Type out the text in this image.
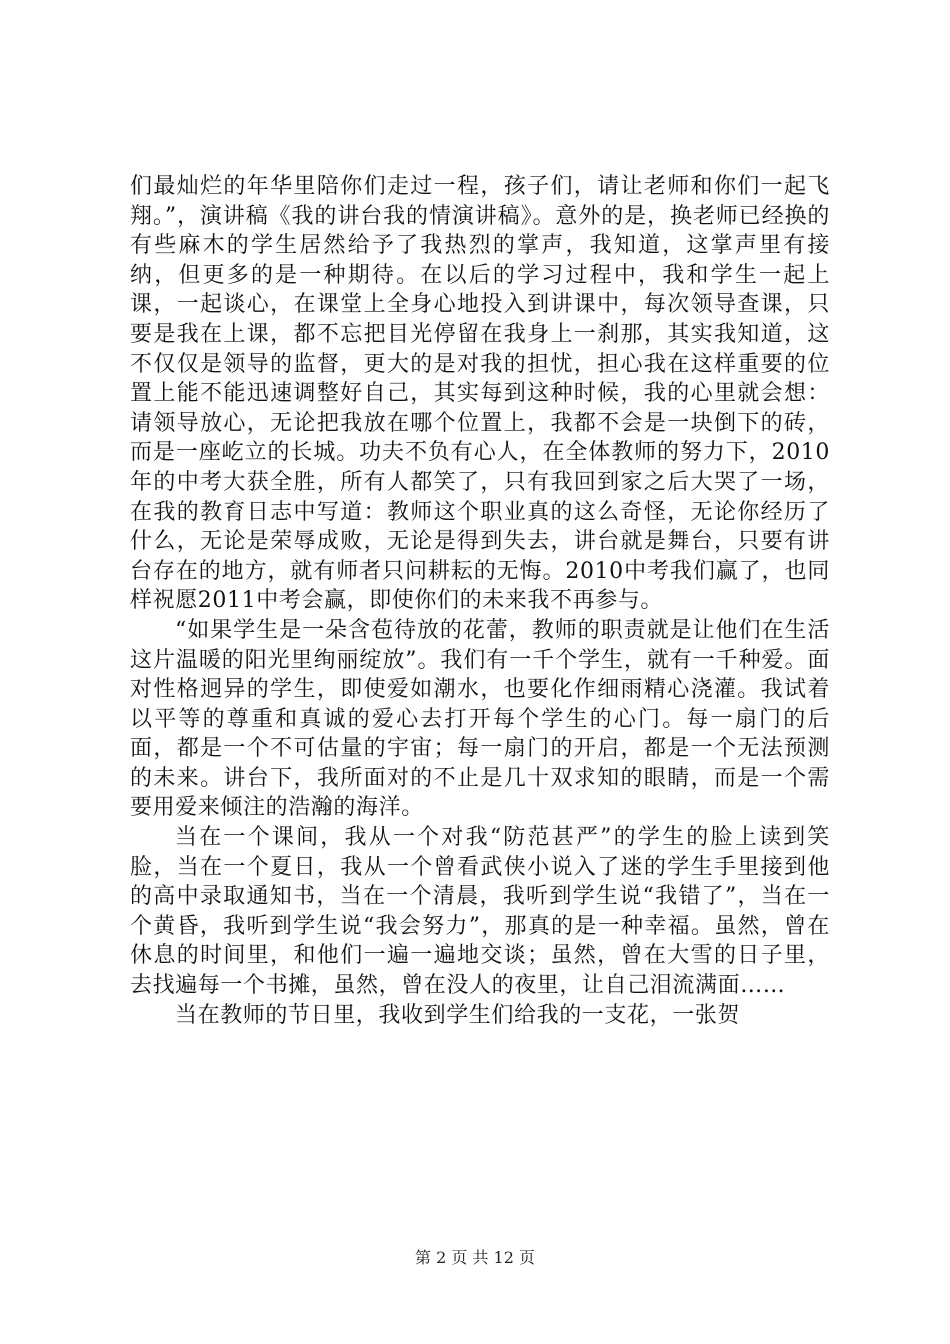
们最灿烂的年华里陪你们走过一程，孩子们，请让老师和你们一起飞翔。”，演讲稿《我的讲台我的情演讲稿》。意外的是，换老师已经换的有些麻木的学生居然给予了我热烈的掌声，我知道，这掌声里有接纳，但更多的是一种期待。在以后的学习过程中，我和学生一起上课，一起谈心，在课堂上全身心地投入到讲课中，每次领导查课，只要是我在上课，都不忘把目光停留在我身上一刹那，其实我知道，这不仅仅是领导的监督，更大的是对我的担忧，担心我在这样重要的位置上能不能迅速调整好自己，其实每到这种时候，我的心里就会想：请领导放心，无论把我放在哪个位置上，我都不会是一块倒下的砖，而是一座屹立的长城。功夫不负有心人，在全体教师的努力下，2010年的中考大获全胜，所有人都笑了，只有我回到家之后大哭了一场，在我的教育日志中写道：教师这个职业真的这么奇怪，无论你经历了什么，无论是荣辱成败，无论是得到失去，讲台就是舞台，只要有讲台存在的地方，就有师者只问耕耘的无悔。2010中考我们赢了，也同样祝愿2011中考会赢，即使你们的未来我不再参与。

“如果学生是一朵含苞待放的花蕾，教师的职责就是让他们在生活这片温暖的阳光里绚丽绽放”。我们有一千个学生，就有一千种爱。面对性格迥异的学生，即使爱如潮水，也要化作细雨精心浇灌。我试着以平等的尊重和真诚的爱心去打开每个学生的心门。每一扇门的后面，都是一个不可估量的宇宙；每一扇门的开启，都是一个无法预测的未来。讲台下，我所面对的不止是几十双求知的眼睛，而是一个需要用爱来倾注的浩瀚的海洋。

当在一个课间，我从一个对我“防范甚严”的学生的脸上读到笑脸，当在一个夏日，我从一个曾看武侠小说入了迷的学生手里接到他的高中录取通知书，当在一个清晨，我听到学生说“我错了”，当在一个黄昏，我听到学生说“我会努力”，那真的是一种幸福。虽然，曾在休息的时间里，和他们一遍一遍地交谈；虽然，曾在大雪的日子里，去找遍每一个书摊，虽然，曾在没人的夜里，让自己泪流满面……

当在教师的节日里，我收到学生们给我的一支花，一张贺

第 2 页 共 12 页
